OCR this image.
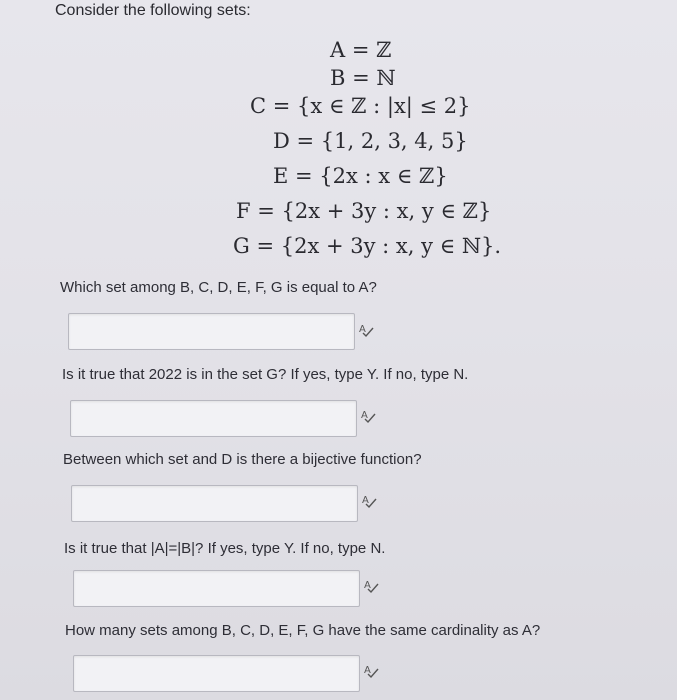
Consider the following sets:
A = ℤ
B = ℕ
C = {x ∈ ℤ : |x| ≤ 2}
D = {1, 2, 3, 4, 5}
E = {2x : x ∈ ℤ}
F = {2x + 3y : x, y ∈ ℤ}
G = {2x + 3y : x, y ∈ ℕ}.
Which set among B, C, D, E, F, G is equal to A?
A
Is it true that 2022 is in the set G? If yes, type Y. If no, type N.
A
Between which set and D is there a bijective function?
A
Is it true that |A|=|B|? If yes, type Y. If no, type N.
A
How many sets among B, C, D, E, F, G have the same cardinality as A?
A
